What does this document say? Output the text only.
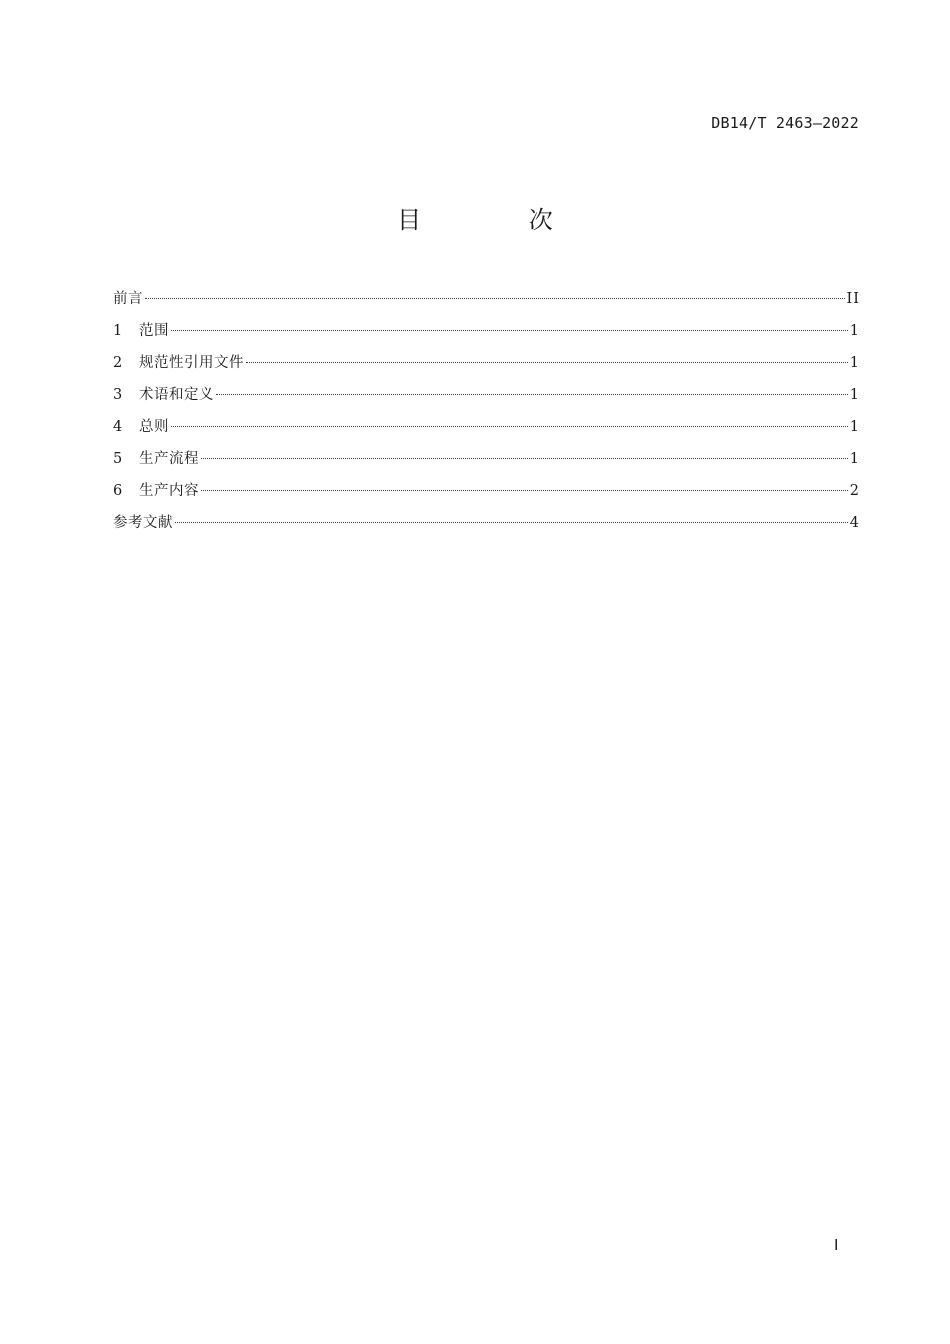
DB14/T 2463—2022
目 次
前言	II
1	范围	1
2	规范性引用文件	1
3	术语和定义	1
4	总则	1
5	生产流程	1
6	生产内容	2
参考文献	4
I
